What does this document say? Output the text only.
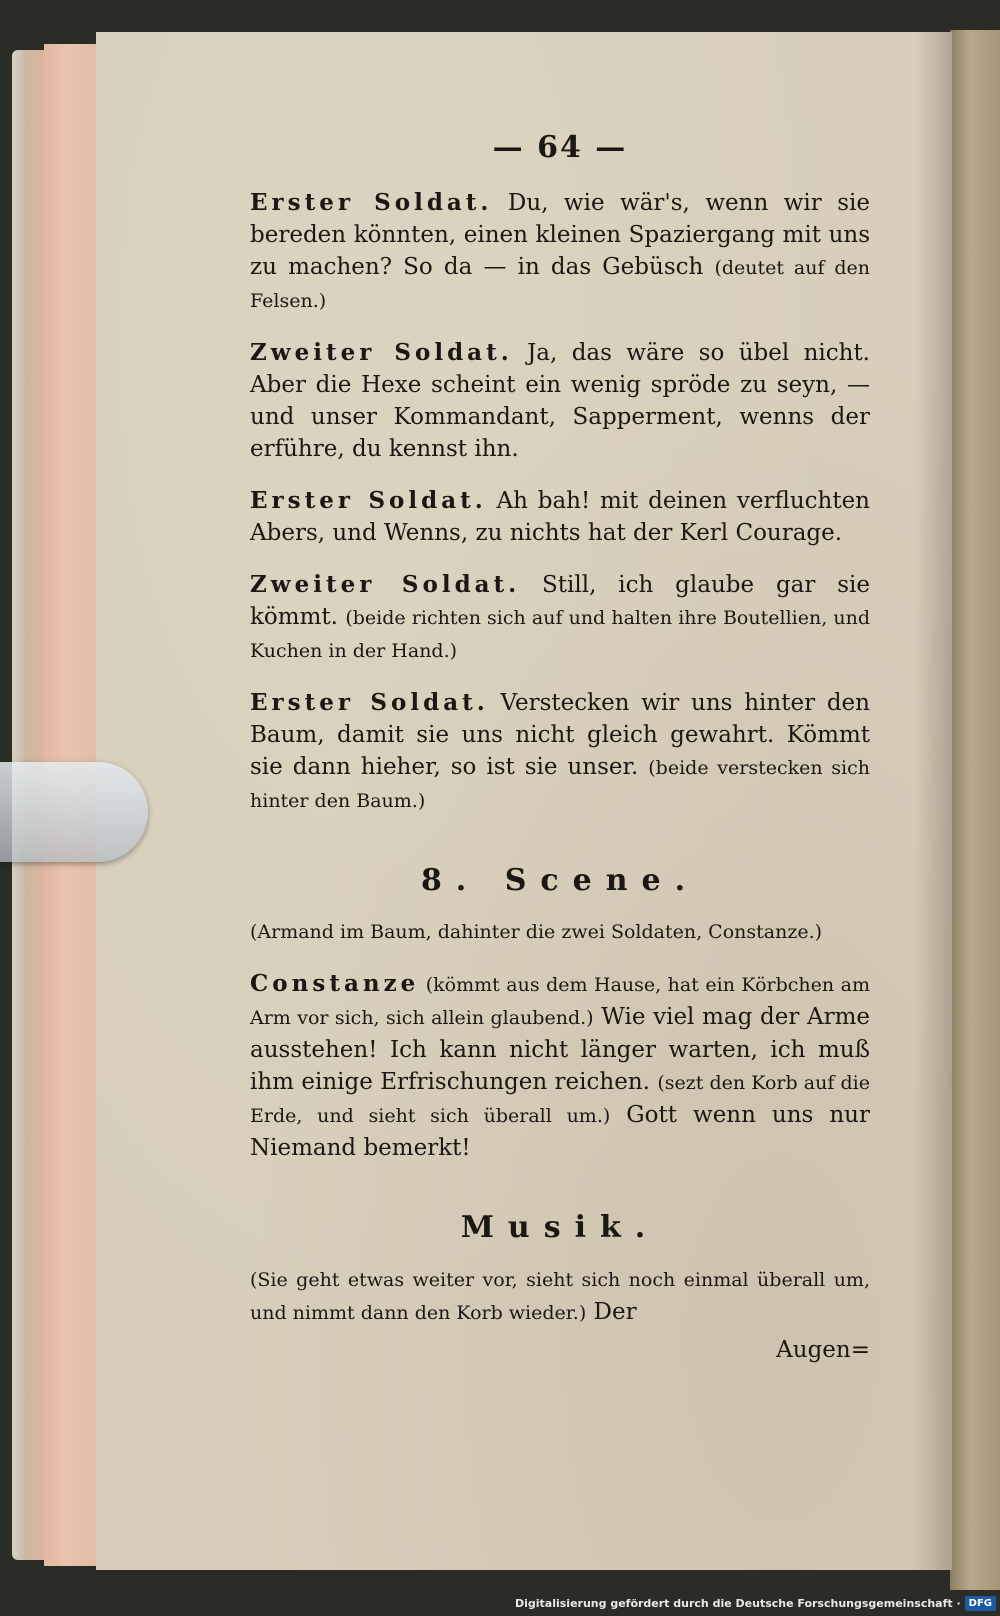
— 64 —
Erster Soldat. Du, wie wär's, wenn wir sie bereden könnten, einen kleinen Spaziergang mit uns zu machen? So da — in das Gebüsch (deutet auf den Felsen.)
Zweiter Soldat. Ja, das wäre so übel nicht. Aber die Hexe scheint ein wenig spröde zu seyn, — und unser Kommandant, Sapperment, wenns der erführe, du kennst ihn.
Erster Soldat. Ah bah! mit deinen verfluchten Abers, und Wenns, zu nichts hat der Kerl Courage.
Zweiter Soldat. Still, ich glaube gar sie kömmt. (beide richten sich auf und halten ihre Boutellien, und Kuchen in der Hand.)
Erster Soldat. Verstecken wir uns hinter den Baum, damit sie uns nicht gleich gewahrt. Kömmt sie dann hieher, so ist sie unser. (beide verstecken sich hinter den Baum.)
8. Scene.
(Armand im Baum, dahinter die zwei Soldaten, Constanze.)
Constanze (kömmt aus dem Hause, hat ein Körbchen am Arm vor sich, sich allein glaubend.) Wie viel mag der Arme ausstehen! Ich kann nicht länger warten, ich muß ihm einige Erfrischungen reichen. (sezt den Korb auf die Erde, und sieht sich überall um.) Gott wenn uns nur Niemand bemerkt!
Musik.
(Sie geht etwas weiter vor, sieht sich noch einmal überall um, und nimmt dann den Korb wieder.) Der
Augen=
Digitalisierung gefördert durch die Deutsche Forschungsgemeinschaft · DFG
